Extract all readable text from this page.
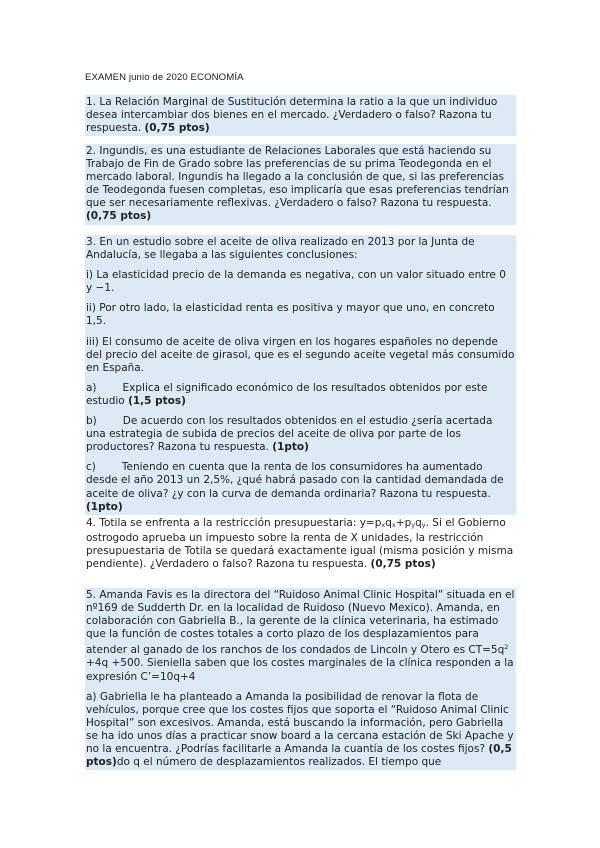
EXAMEN junio de 2020 ECONOMÍA

1. La Relación Marginal de Sustitución determina la ratio a la que un individuo desea intercambiar dos bienes en el mercado. ¿Verdadero o falso? Razona tu respuesta. (0,75 ptos)

2. Ingundis, es una estudiante de Relaciones Laborales que está haciendo su Trabajo de Fin de Grado sobre las preferencias de su prima Teodegonda en el mercado laboral. Ingundis ha llegado a la conclusión de que, si las preferencias de Teodegonda fuesen completas, eso implicaría que esas preferencias tendrían que ser necesariamente reflexivas. ¿Verdadero o falso? Razona tu respuesta. (0,75 ptos)

3. En un estudio sobre el aceite de oliva realizado en 2013 por la Junta de Andalucía, se llegaba a las siguientes conclusiones:

i) La elasticidad precio de la demanda es negativa, con un valor situado entre 0 y −1.

ii) Por otro lado, la elasticidad renta es positiva y mayor que uno, en concreto 1,5.

iii) El consumo de aceite de oliva virgen en los hogares españoles no depende del precio del aceite de girasol, que es el segundo aceite vegetal más consumido en España.

a) Explica el significado económico de los resultados obtenidos por este estudio (1,5 ptos)

b) De acuerdo con los resultados obtenidos en el estudio ¿sería acertada una estrategia de subida de precios del aceite de oliva por parte de los productores? Razona tu respuesta. (1pto)

c) Teniendo en cuenta que la renta de los consumidores ha aumentado desde el año 2013 un 2,5%, ¿qué habrá pasado con la cantidad demandada de aceite de oliva? ¿y con la curva de demanda ordinaria? Razona tu respuesta. (1pto)

4. Totila se enfrenta a la restricción presupuestaria: y=pxqx+pyqy. Si el Gobierno ostrogodo aprueba un impuesto sobre la renta de X unidades, la restricción presupuestaria de Totila se quedará exactamente igual (misma posición y misma pendiente). ¿Verdadero o falso? Razona tu respuesta. (0,75 ptos)

5. Amanda Favis es la directora del “Ruidoso Animal Clinic Hospital” situada en el nº169 de Sudderth Dr. en la localidad de Ruidoso (Nuevo Mexico). Amanda, en colaboración con Gabriella B., la gerente de la clínica veterinaria, ha estimado que la función de costes totales a corto plazo de los desplazamientos para atender al ganado de los ranchos de los condados de Lincoln y Otero es $CT=5q^2 +4q +500$. Sieniella saben que los costes marginales de la clínica responden a la expresión C’=10q+4

a) Gabriella le ha planteado a Amanda la posibilidad de renovar la flota de vehículos, porque cree que los costes fijos que soporta el “Ruidoso Animal Clinic Hospital” son excesivos. Amanda, está buscando la información, pero Gabriella se ha ido unos días a practicar snow board a la cercana estación de Ski Apache y no la encuentra. ¿Podrías facilitarle a Amanda la cuantía de los costes fijos? (0,5 ptos)do q el número de desplazamientos realizados. El tiempo que
